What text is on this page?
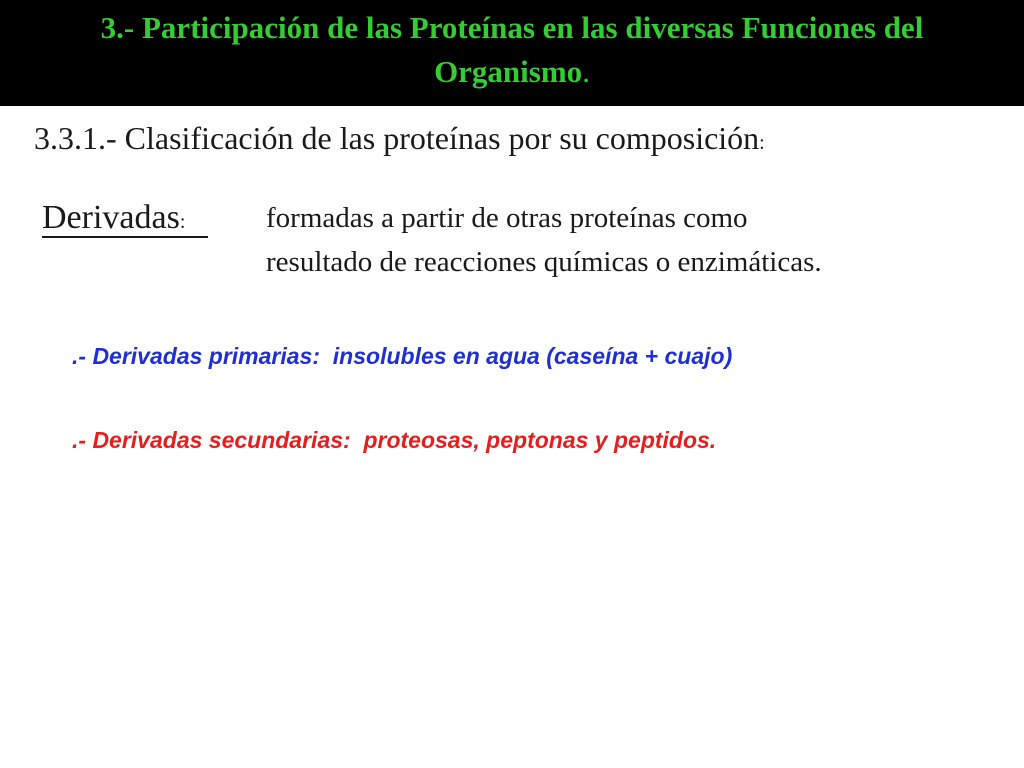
3.- Participación de las Proteínas en las diversas Funciones del Organismo.
3.3.1.- Clasificación de las proteínas por su composición:
Derivadas:	formadas a partir de otras proteínas como
resultado de reacciones químicas o enzimáticas.
.- Derivadas primarias:  insolubles en agua (caseína + cuajo)
.- Derivadas secundarias:  proteosas, peptonas y peptidos.
